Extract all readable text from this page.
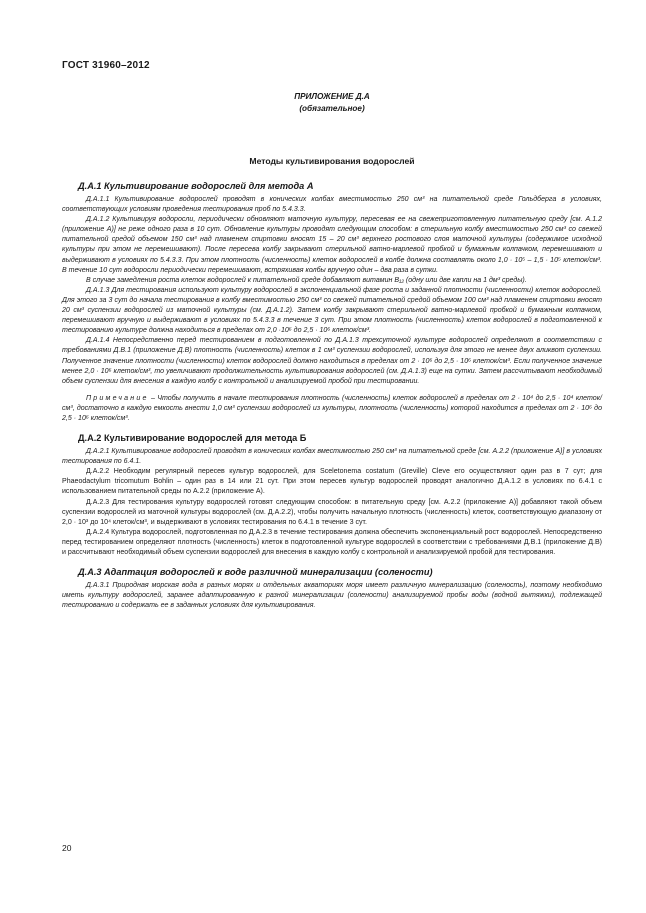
ГОСТ 31960–2012
ПРИЛОЖЕНИЕ Д.А
(обязательное)
Методы культивирования водорослей
Д.А.1 Культивирование водорослей для метода А

Д.А.1.1 Культивирование водорослей проводят в конических колбах вместимостью 250 см³ на питательной среде Гольдберга в условиях, соответствующих условиям проведения тестирования проб по 5.4.3.3.

Д.А.1.2 Культивируя водоросли, периодически обновляют маточную культуру, пересевая ее на свежеприготовленную питательную среду [см. А.1.2 (приложение А)] не реже одного раза в 10 сут. Обновление культуры проводят следующим способом: в стерильную колбу вместимостью 250 см³ со свежей питательной средой объемом 150 см³ над пламенем спиртовки вносят 15 – 20 см³ верхнего ростового слоя маточной культуры (содержимое исходной культуры при этом не перемешивают). После пересева колбу закрывают стерильной ватно-марлевой пробкой и бумажным колпачком, перемешивают и выдерживают в условиях по 5.4.3.3. При этом плотность (численность) клеток водорослей в колбе должна составлять около 1,0 · 10⁵ – 1,5 · 10⁵ клеток/см³. В течение 10 сут водоросли периодически перемешивают, встряхивая колбы вручную один – два раза в сутки.

В случае замедления роста клеток водорослей к питательной среде добавляют витамин B₁₂ (одну или две капли на 1 дм³ среды).

Д.А.1.3 Для тестирования используют культуру водорослей в экспоненциальной фазе роста и заданной плотности (численности) клеток водорослей. Для этого за 3 сут до начала тестирования в колбу вместимостью 250 см³ со свежей питательной средой объемом 100 см³ над пламенем спиртовки вносят 20 см³ суспензии водорослей из маточной культуры (см. Д.А.1.2). Затем колбу закрывают стерильной ватно-марлевой пробкой и бумажным колпачком, перемешивают вручную и выдерживают в условиях по 5.4.3.3 в течение 3 сут. При этом плотность (численность) клеток водорослей в подготовленной к тестированию культуре должна находиться в пределах от 2,0 ·10⁶ до 2,5 · 10⁶ клеток/см³.

Д.А.1.4 Непосредственно перед тестированием в подготовленной по Д.А.1.3 трехсуточной культуре водорослей определяют в соответствии с требованиями Д.В.1 (приложение Д.В) плотность (численность) клеток в 1 см³ суспензии водорослей, используя для этого не менее двух аликвот суспензии. Полученное значение плотности (численности) клеток водорослей должно находиться в пределах от 2 · 10⁶ до 2,5 · 10⁶ клеток/см³. Если полученное значение менее 2,0 · 10⁶ клеток/см³, то увеличивают продолжительность культивирования водорослей (см. Д.А.1.3) еще на сутки. Затем рассчитывают необходимый объем суспензии для внесения в каждую колбу с контрольной и анализируемой пробой при тестировании.

Примечание – Чтобы получить в начале тестирования плотность (численность) клеток водорослей в пределах от 2 · 10⁴ до 2,5 · 10⁴ клеток/см³, достаточно в каждую емкость внести 1,0 см³ суспензии водорослей из культуры, плотность (численность) которой находится в пределах от 2 · 10⁶ до 2,5 · 10⁶ клеток/см³.

Д.А.2 Культивирование водорослей для метода Б

Д.А.2.1 Культивирование водорослей проводят в конических колбах вместимостью 250 см³ на питательной среде [см. А.2.2 (приложение А)] в условиях тестирования по 6.4.1.

Д.А.2.2 Необходим регулярный пересев культур водорослей, для Sceletonema costatum (Greville) Cleve его осуществляют один раз в 7 сут; для Phaeodactylum tricomutum Bohlin – один раз в 14 или 21 сут. При этом пересев культур водорослей проводят аналогично Д.А.1.2 в условиях по 6.4.1 с использованием питательной среды по А.2.2 (приложение А).

Д.А.2.3 Для тестирования культуру водорослей готовят следующим способом: в питательную среду [см. А.2.2 (приложение А)] добавляют такой объем суспензии водорослей из маточной культуры водорослей (см. Д.А.2.2), чтобы получить начальную плотность (численность) клеток, соответствующую диапазону от 2,0 · 10³ до 10⁴ клеток/см³, и выдерживают в условиях тестирования по 6.4.1 в течение 3 сут.

Д.А.2.4 Культура водорослей, подготовленная по Д.А.2.3 в течение тестирования должна обеспечить экспоненциальный рост водорослей. Непосредственно перед тестированием определяют плотность (численность) клеток в подготовленной культуре водорослей в соответствии с требованиями Д.В.1 (приложение Д.В) и рассчитывают необходимый объем суспензии водорослей для внесения в каждую колбу с контрольной и анализируемой пробой для тестирования.

Д.А.3 Адаптация водорослей к воде различной минерализации (солености)

Д.А.3.1 Природная морская вода в разных морях и отдельных акваториях моря имеет различную минерализацию (соленость), поэтому необходимо иметь культуру водорослей, заранее адаптированную к разной минерализации (солености) анализируемой пробы воды (водной вытяжки), подлежащей тестированию и содержать ее в заданных условиях для культивирования.

20
